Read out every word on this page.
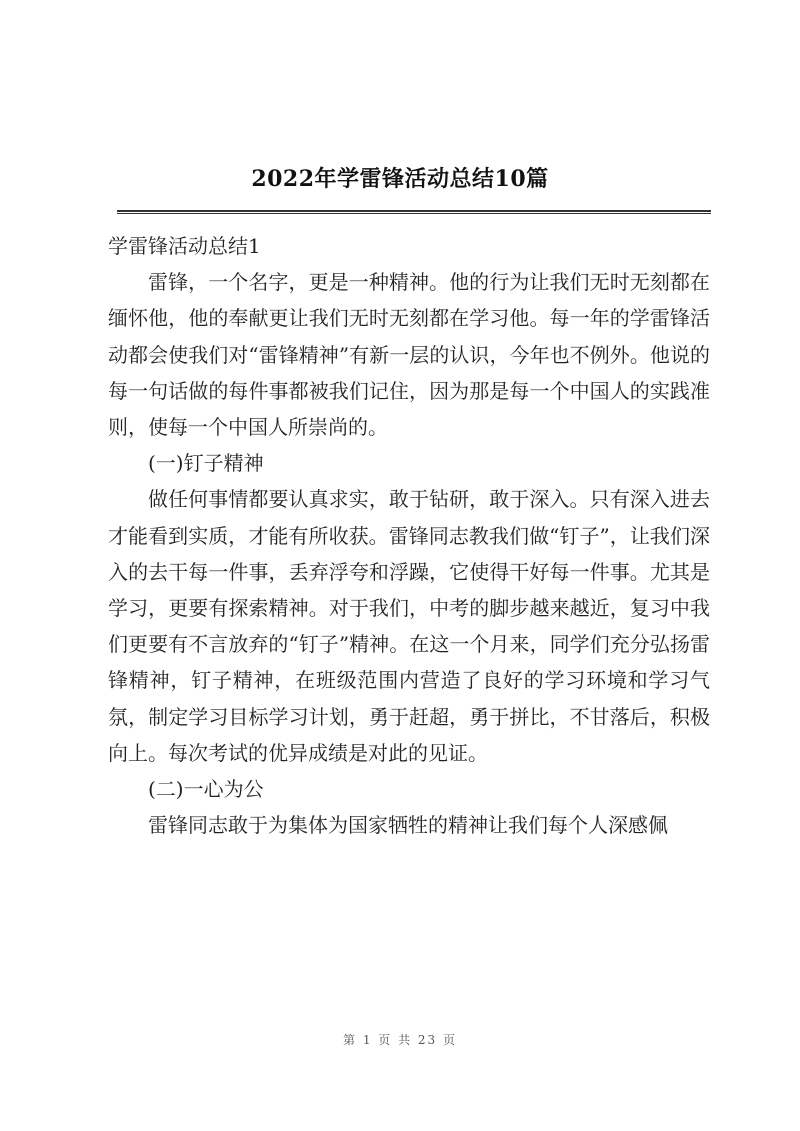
2022年学雷锋活动总结10篇

学雷锋活动总结1

雷锋，一个名字，更是一种精神。他的行为让我们无时无刻都在缅怀他，他的奉献更让我们无时无刻都在学习他。每一年的学雷锋活动都会使我们对“雷锋精神”有新一层的认识，今年也不例外。他说的每一句话做的每件事都被我们记住，因为那是每一个中国人的实践准则，使每一个中国人所崇尚的。

(一)钉子精神

做任何事情都要认真求实，敢于钻研，敢于深入。只有深入进去才能看到实质，才能有所收获。雷锋同志教我们做“钉子”，让我们深入的去干每一件事，丢弃浮夸和浮躁，它使得干好每一件事。尤其是学习，更要有探索精神。对于我们，中考的脚步越来越近，复习中我们更要有不言放弃的“钉子”精神。在这一个月来，同学们充分弘扬雷锋精神，钉子精神，在班级范围内营造了良好的学习环境和学习气氛，制定学习目标学习计划，勇于赶超，勇于拼比，不甘落后，积极向上。每次考试的优异成绩是对此的见证。

(二)一心为公

雷锋同志敢于为集体为国家牺牲的精神让我们每个人深感佩

第 1 页 共 23 页
